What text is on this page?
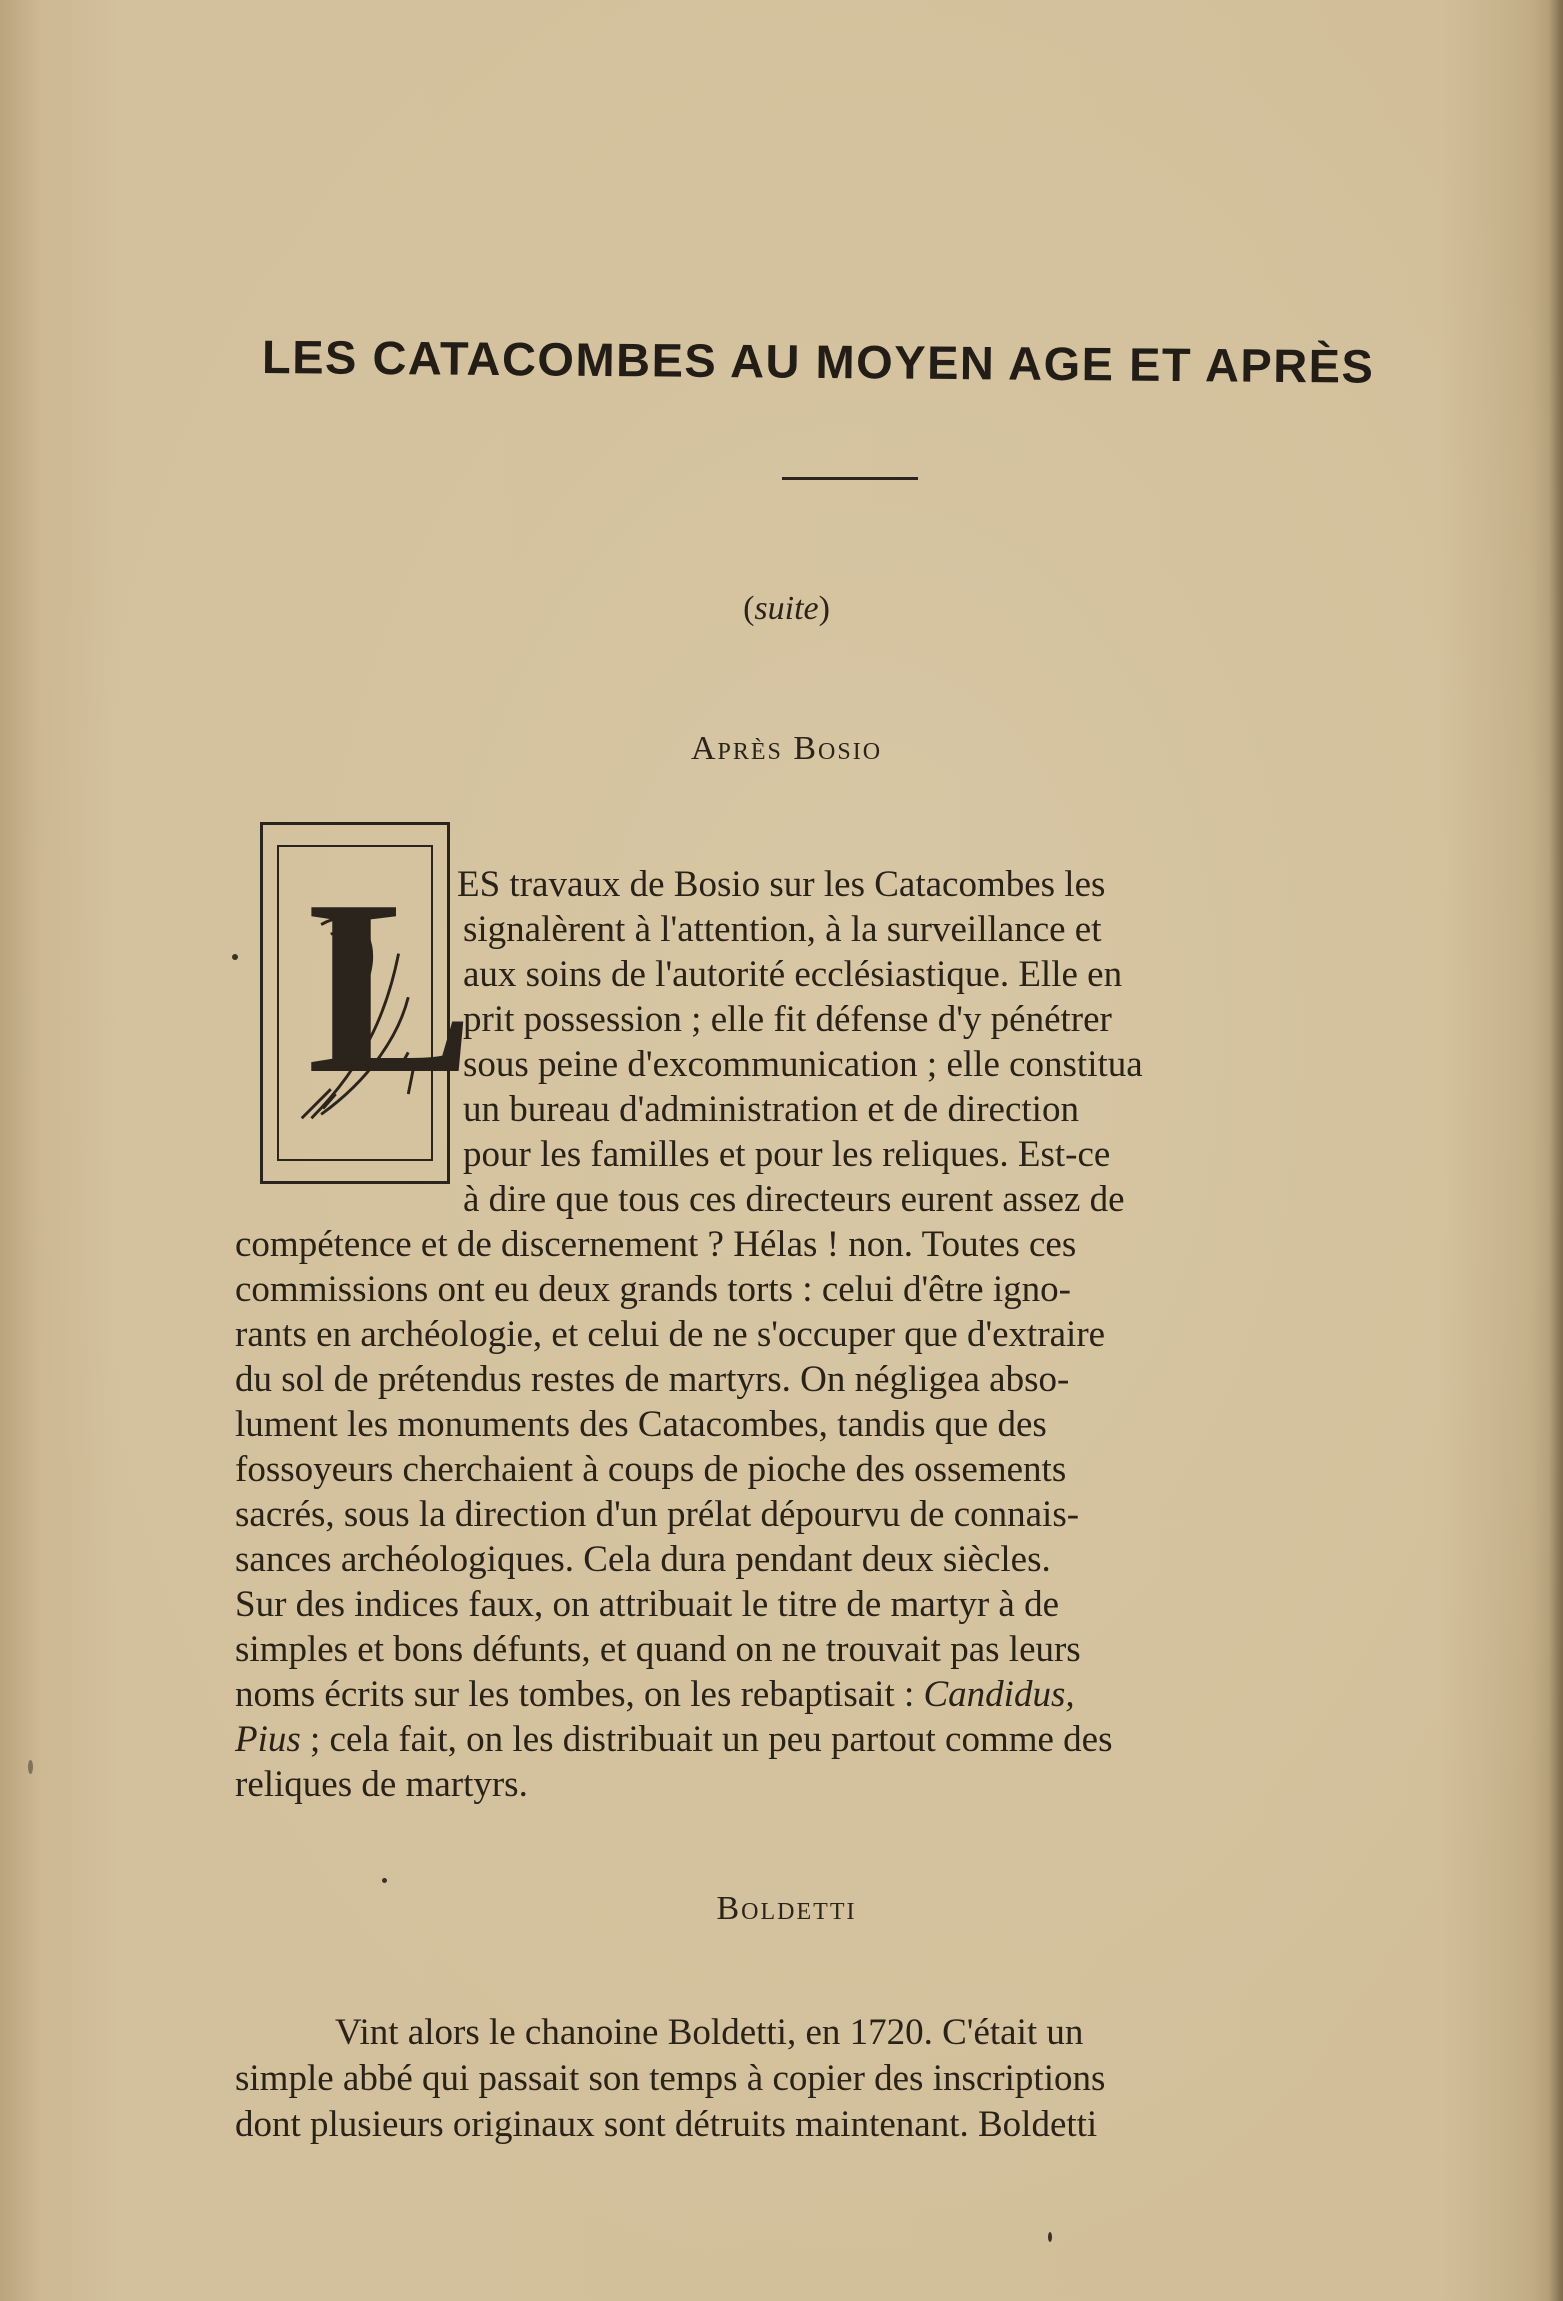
LES CATACOMBES AU MOYEN AGE ET APRÈS
(suite)
Après Bosio
L
ES travaux de Bosio sur les Catacombes les
signalèrent à l'attention, à la surveillance et
aux soins de l'autorité ecclésiastique. Elle en
prit possession ; elle fit défense d'y pénétrer
sous peine d'excommunication ; elle constitua
un bureau d'administration et de direction
pour les familles et pour les reliques. Est-ce
à dire que tous ces directeurs eurent assez de
compétence et de discernement ? Hélas ! non. Toutes ces
commissions ont eu deux grands torts : celui d'être igno-
rants en archéologie, et celui de ne s'occuper que d'extraire
du sol de prétendus restes de martyrs. On négligea abso-
lument les monuments des Catacombes, tandis que des
fossoyeurs cherchaient à coups de pioche des ossements
sacrés, sous la direction d'un prélat dépourvu de connais-
sances archéologiques. Cela dura pendant deux siècles.
Sur des indices faux, on attribuait le titre de martyr à de
simples et bons défunts, et quand on ne trouvait pas leurs
noms écrits sur les tombes, on les rebaptisait : Candidus,
Pius ; cela fait, on les distribuait un peu partout comme des
reliques de martyrs.
Boldetti
Vint alors le chanoine Boldetti, en 1720. C'était un
simple abbé qui passait son temps à copier des inscriptions
dont plusieurs originaux sont détruits maintenant. Boldetti
